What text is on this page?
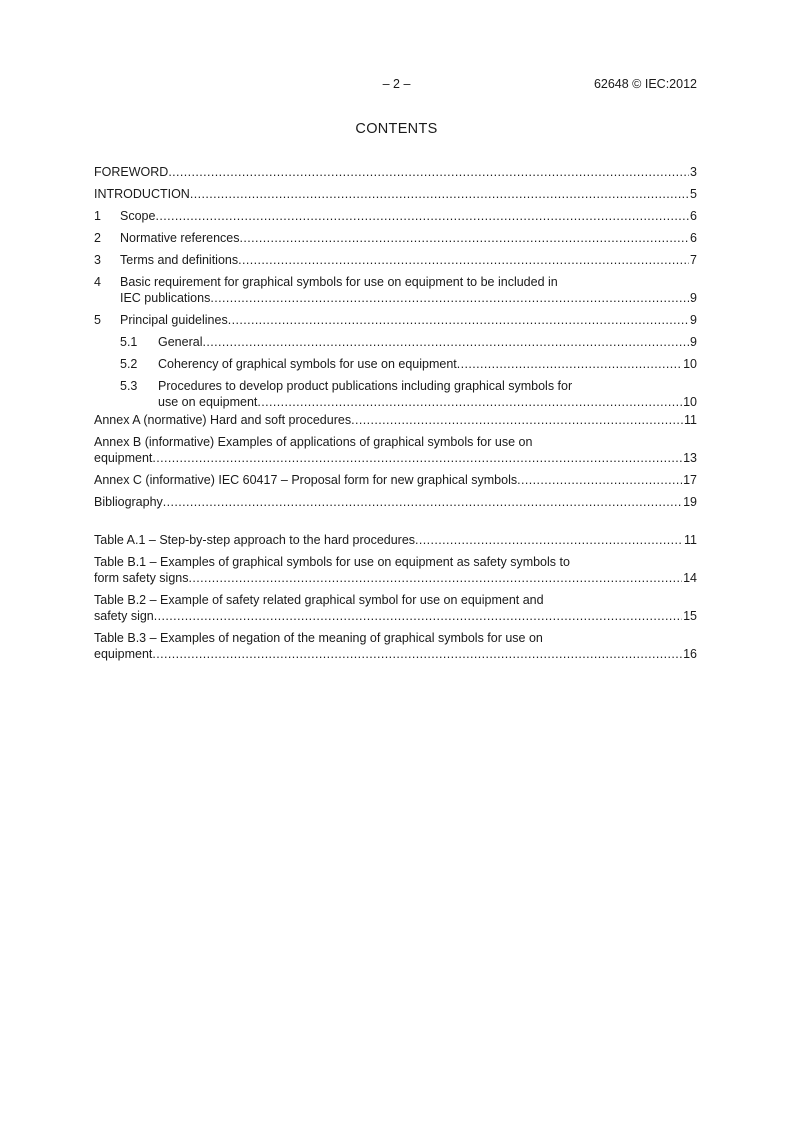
– 2 –	62648 © IEC:2012
CONTENTS
FOREWORD .....	3
INTRODUCTION .....	5
1	Scope .....	6
2	Normative references .....	6
3	Terms and definitions .....	7
4 Basic requirement for graphical symbols for use on equipment to be included in
IEC publications .....	9
5	Principal guidelines .....	9
5.1	General .....	9
5.2	Coherency of graphical symbols for use on equipment .....	10
5.3 Procedures to develop product publications including graphical symbols for
use on equipment .....	10
Annex A (normative) Hard and soft procedures .....	11
Annex B (informative) Examples of applications of graphical symbols for use on
equipment .....	13
Annex C (informative) IEC 60417 – Proposal form for new graphical symbols .....	17
Bibliography .....	19
Table A.1 – Step-by-step approach to the hard procedures .....	11
Table B.1 – Examples of graphical symbols for use on equipment as safety symbols to
form safety signs .....	14
Table B.2 – Example of safety related graphical symbol for use on equipment and
safety sign .....	15
Table B.3 – Examples of negation of the meaning of graphical symbols for use on
equipment .....	16
